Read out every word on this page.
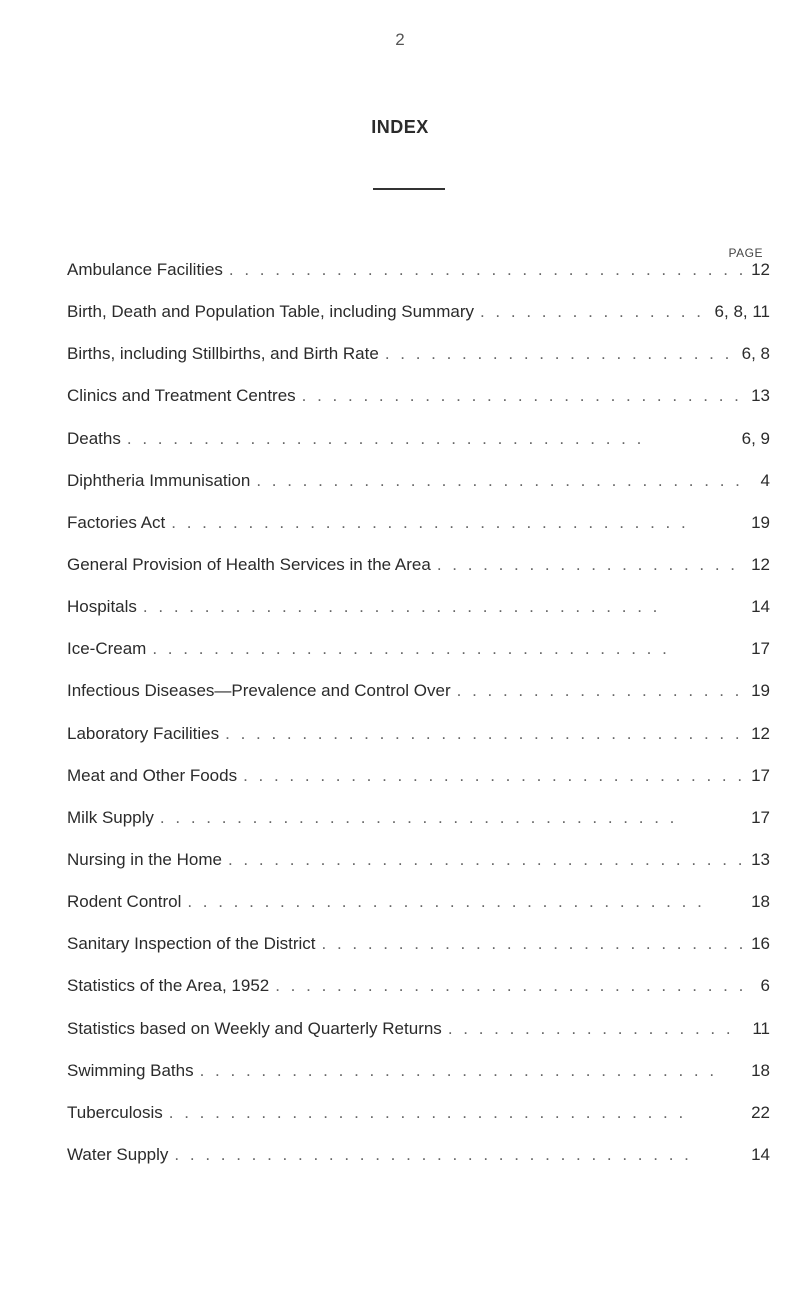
2
INDEX
PAGE
Ambulance Facilities . .	12
Birth, Death and Population Table, including Summary . .	6, 8, 11
Births, including Stillbirths, and Birth Rate . .	6, 8
Clinics and Treatment Centres . .	13
Deaths . .	6, 9
Diphtheria Immunisation . .	4
Factories Act . .	19
General Provision of Health Services in the Area . .	12
Hospitals . .	14
Ice-Cream . .	17
Infectious Diseases—Prevalence and Control Over . .	19
Laboratory Facilities . .	12
Meat and Other Foods . .	17
Milk Supply . .	17
Nursing in the Home . .	13
Rodent Control . .	18
Sanitary Inspection of the District . .	16
Statistics of the Area, 1952 . .	6
Statistics based on Weekly and Quarterly Returns . .	11
Swimming Baths . .	18
Tuberculosis . .	22
Water Supply . .	14
